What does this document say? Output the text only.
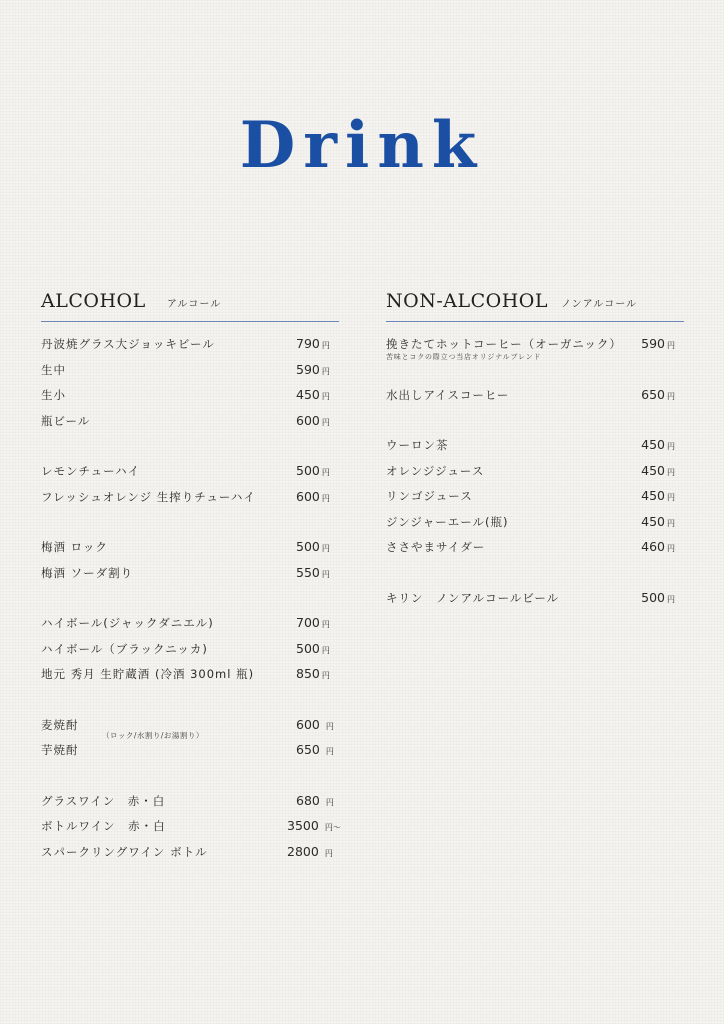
Drink
ALCOHOL アルコール
丹波焼グラス大ジョッキビール	790 円
生中	590 円
生小	450 円
瓶ビール	600 円
レモンチューハイ	500 円
フレッシュオレンジ 生搾りチューハイ	600 円
梅酒 ロック	500 円
梅酒 ソーダ割り	550 円
ハイボール(ジャックダニエル)	700 円
ハイボール（ブラックニッカ)	500 円
地元 秀月 生貯蔵酒 (冷酒 300ml 瓶)	850 円
麦焼酎	600 円
（ロック/水割り/お湯割り）
芋焼酎	650 円
グラスワイン　赤・白	680 円
ボトルワイン　赤・白	3500 円～
スパークリングワイン ボトル	2800 円
NON-ALCOHOL ノンアルコール
挽きたてホットコーヒー（オーガニック） 590 円
苦味とコクの際立つ当店オリジナルブレンド
水出しアイスコーヒー	650 円
ウーロン茶	450 円
オレンジジュース	450 円
リンゴジュース	450 円
ジンジャーエール(瓶)	450 円
ささやまサイダー	460 円
キリン　ノンアルコールビール	500 円
